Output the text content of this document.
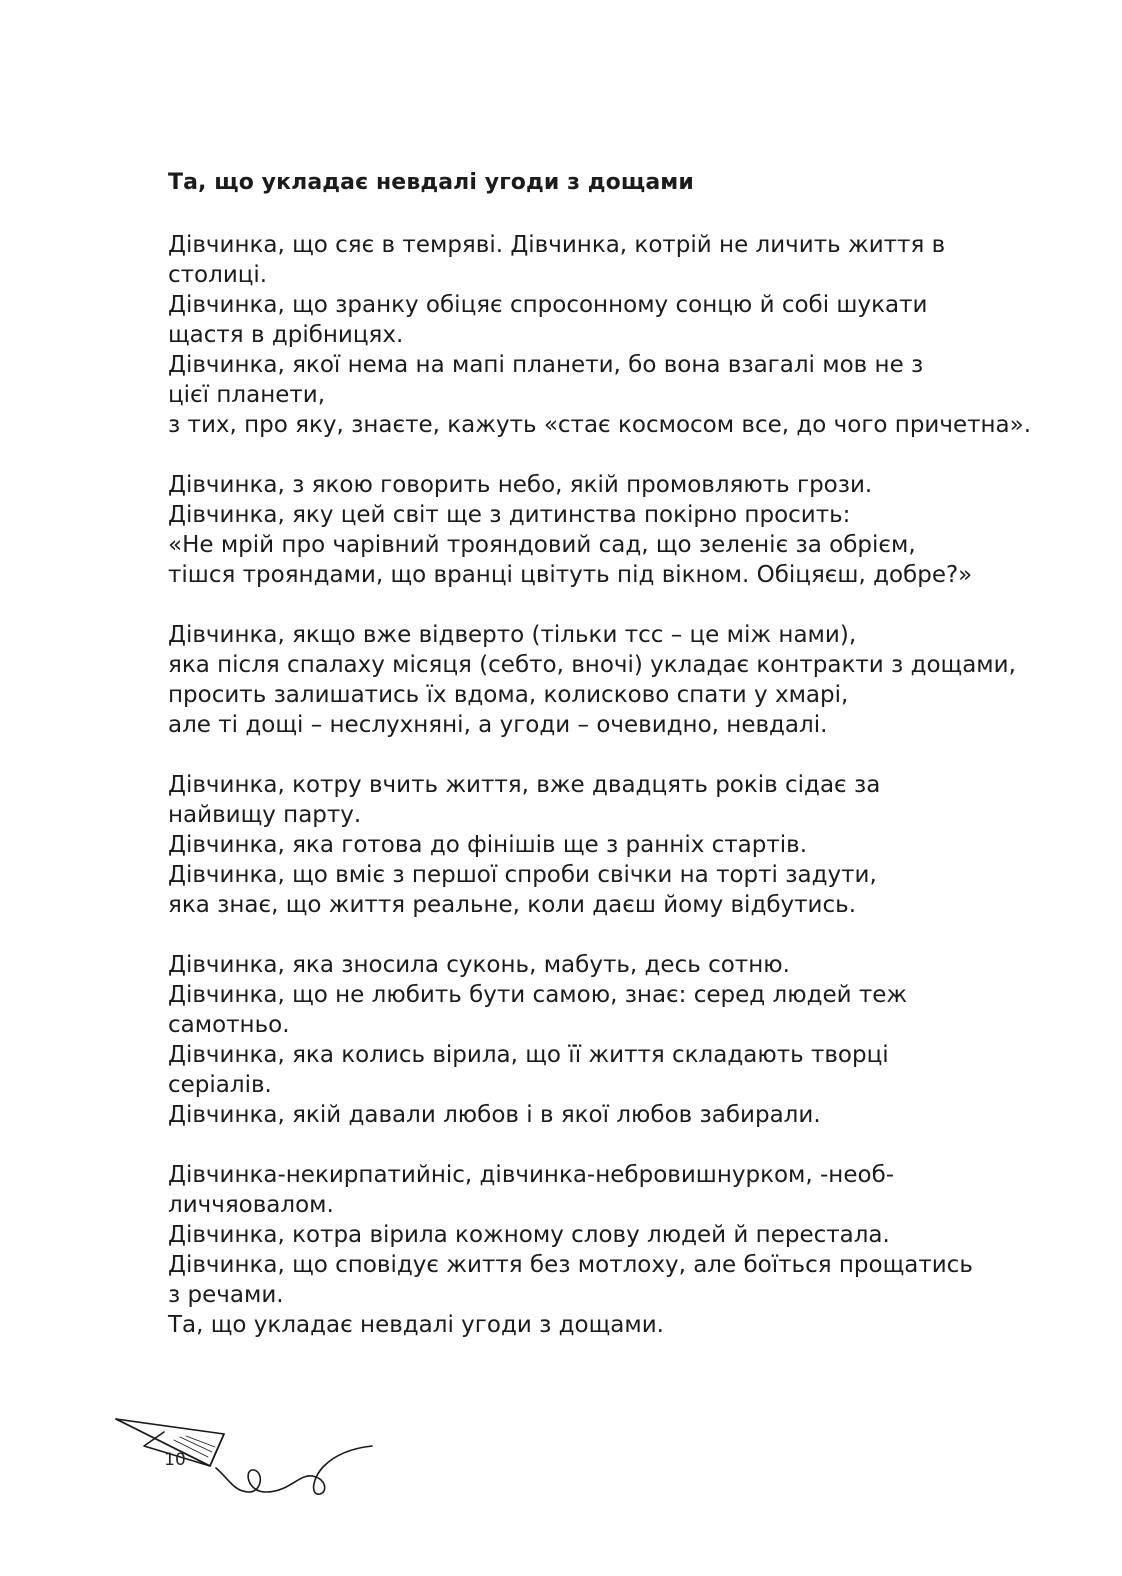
Та, що укладає невдалі угоди з дощами
Дівчинка, що сяє в темряві. Дівчинка, котрій не личить життя в
столиці.
Дівчинка, що зранку обіцяє спросонному сонцю й собі шукати
щастя в дрібницях.
Дівчинка, якої нема на мапі планети, бо вона взагалі мов не з
цієї планети,
з тих, про яку, знаєте, кажуть «стає космосом все, до чого причетна».
Дівчинка, з якою говорить небо, якій промовляють грози.
Дівчинка, яку цей світ ще з дитинства покірно просить:
«Не мрій про чарівний трояндовий сад, що зеленіє за обрієм,
тішся трояндами, що вранці цвітуть під вікном. Обіцяєш, добре?»
Дівчинка, якщо вже відверто (тільки тсс – це між нами),
яка після спалаху місяця (себто, вночі) укладає контракти з дощами,
просить залишатись їх вдома, колисково спати у хмарі,
але ті дощі – неслухняні, а угоди – очевидно, невдалі.
Дівчинка, котру вчить життя, вже двадцять років сідає за
найвищу парту.
Дівчинка, яка готова до фінішів ще з ранніх стартів.
Дівчинка, що вміє з першої спроби свічки на торті задути,
яка знає, що життя реальне, коли даєш йому відбутись.
Дівчинка, яка зносила суконь, мабуть, десь сотню.
Дівчинка, що не любить бути самою, знає: серед людей теж
самотньо.
Дівчинка, яка колись вірила, що її життя складають творці
серіалів.
Дівчинка, якій давали любов і в якої любов забирали.
Дівчинка-некирпатийніс, дівчинка-небровишнурком, -необ-
личчяовалом.
Дівчинка, котра вірила кожному слову людей й перестала.
Дівчинка, що сповідує життя без мотлоху, але боїться прощатись
з речами.
Та, що укладає невдалі угоди з дощами.
10
